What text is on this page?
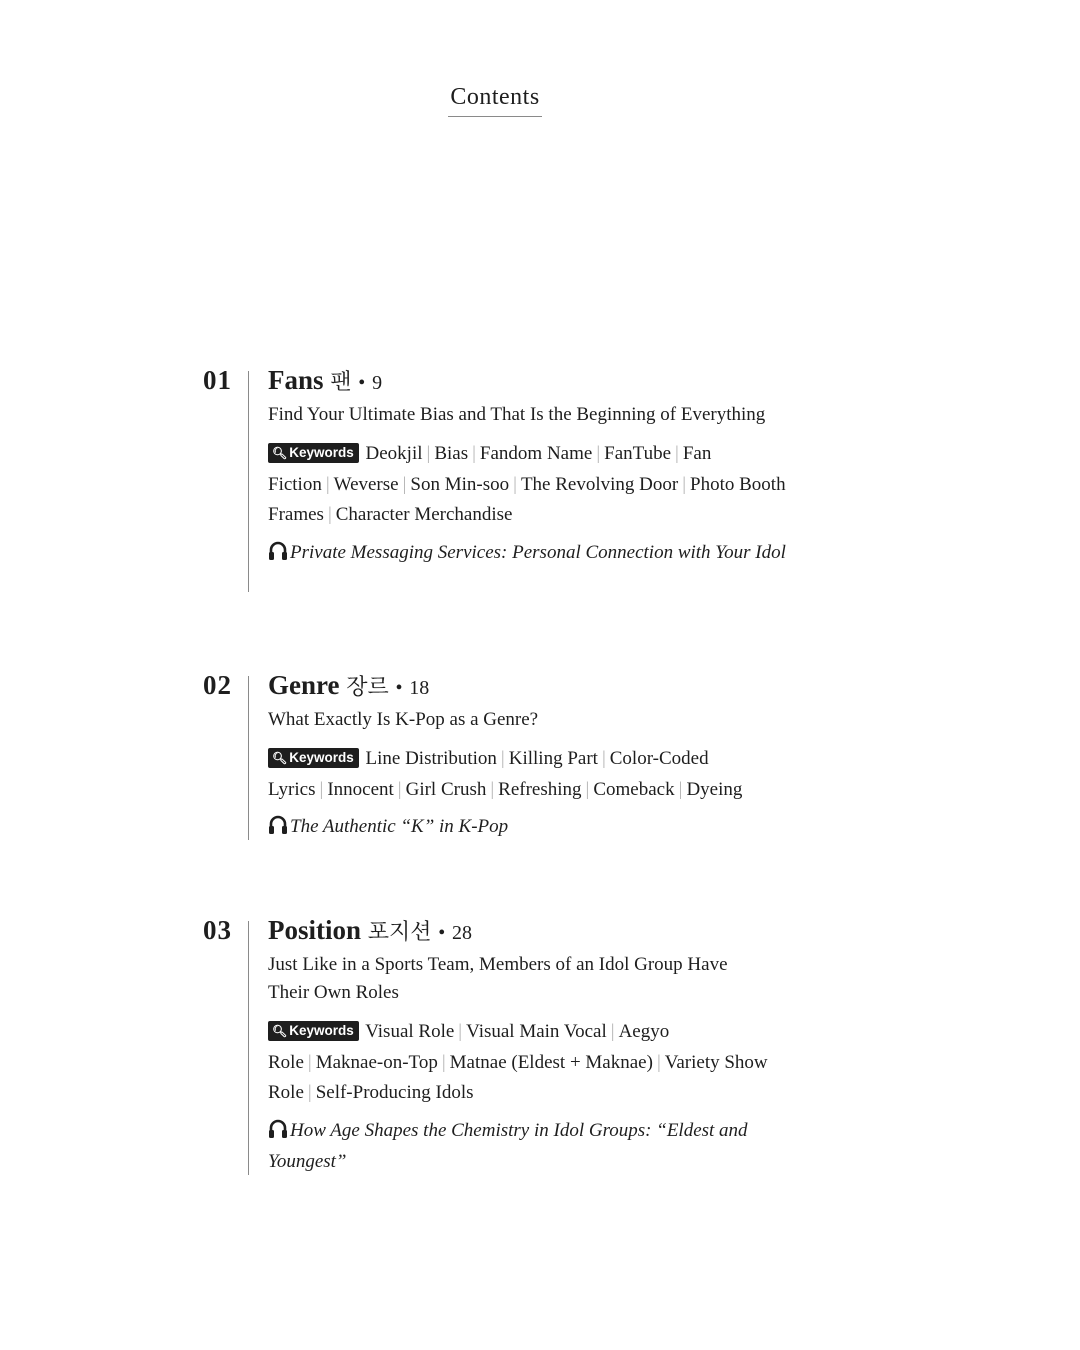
Contents
01 Fans 팬 • 9
Find Your Ultimate Bias and That Is the Beginning of Everything
🔍︎ Keywords Deokjil | Bias | Fandom Name | FanTube | Fan Fiction | Weverse | Son Min-soo | The Revolving Door | Photo Booth Frames | Character Merchandise
Private Messaging Services: Personal Connection with Your Idol
02 Genre 장르 • 18
What Exactly Is K-Pop as a Genre?
🔍︎ Keywords Line Distribution | Killing Part | Color-Coded Lyrics | Innocent | Girl Crush | Refreshing | Comeback | Dyeing
The Authentic “K” in K-Pop
03 Position 포지션 • 28
Just Like in a Sports Team, Members of an Idol Group Have Their Own Roles
🔍︎ Keywords Visual Role | Visual Main Vocal | Aegyo Role | Maknae-on-Top | Matnae (Eldest + Maknae) | Variety Show Role | Self-Producing Idols
How Age Shapes the Chemistry in Idol Groups: “Eldest and Youngest”
